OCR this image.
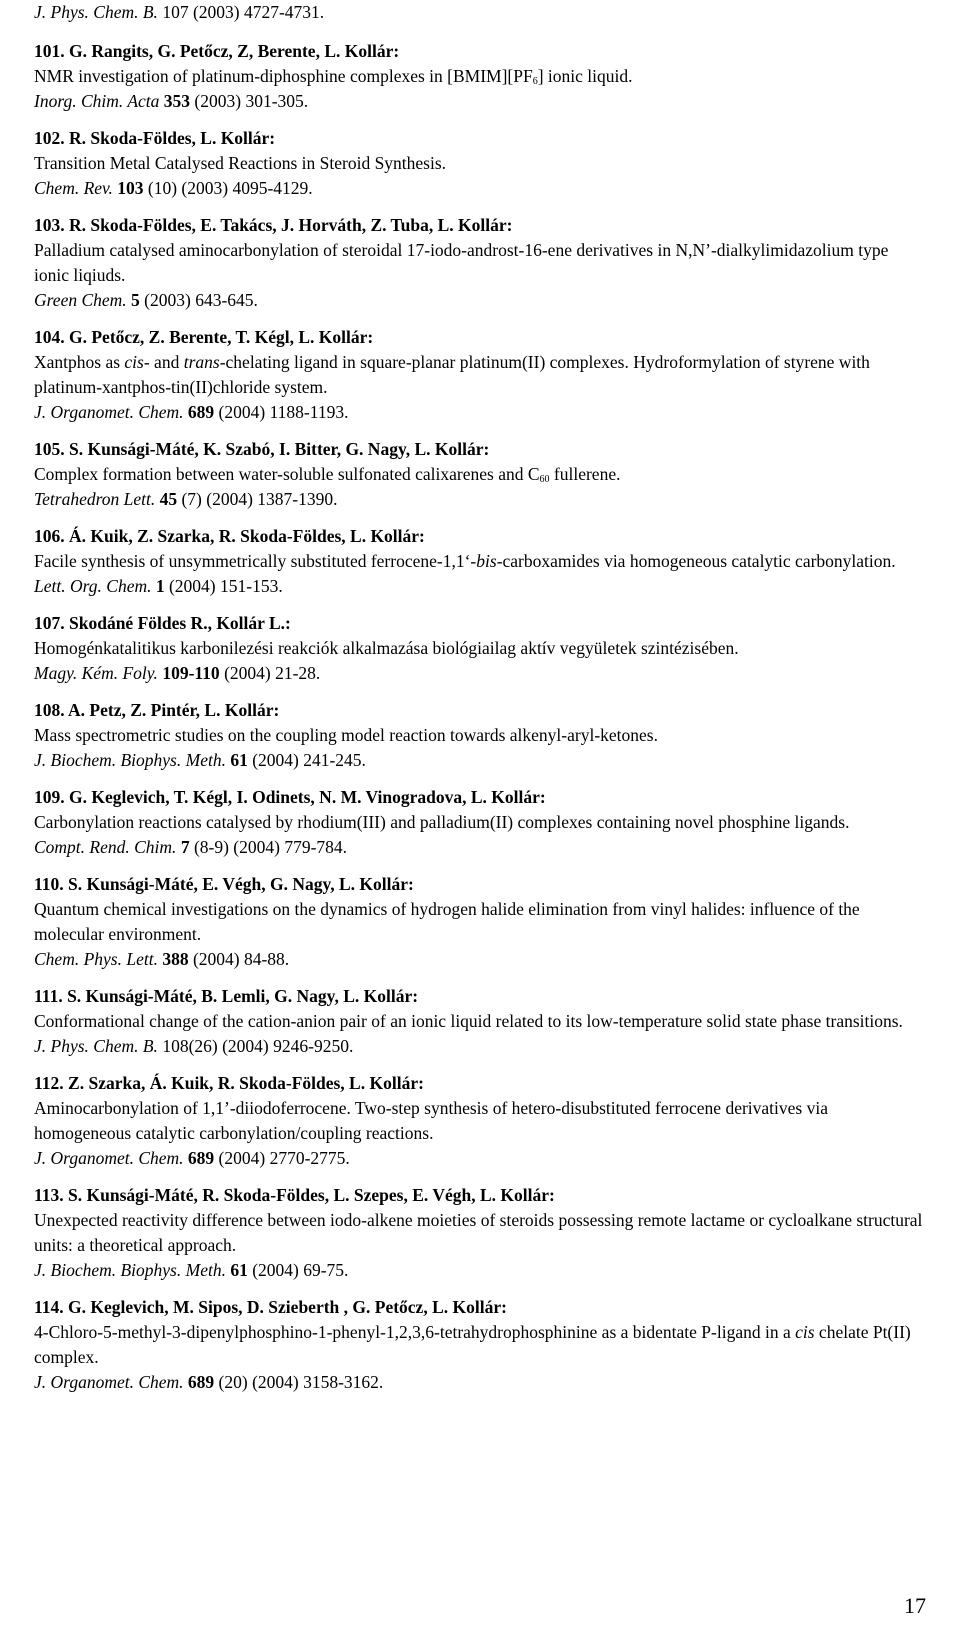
J. Phys. Chem. B. 107 (2003) 4727-4731.
101. G. Rangits, G. Petőcz, Z, Berente, L. Kollár:
NMR investigation of platinum-diphosphine complexes in $[BMIM][PF_6]$ ionic liquid.
Inorg. Chim. Acta 353 (2003) 301-305.
102. R. Skoda-Földes, L. Kollár:
Transition Metal Catalysed Reactions in Steroid Synthesis.
Chem. Rev. 103 (10) (2003) 4095-4129.
103. R. Skoda-Földes, E. Takács, J. Horváth, Z. Tuba, L. Kollár:
Palladium catalysed aminocarbonylation of steroidal 17-iodo-androst-16-ene derivatives in N,N’-dialkylimidazolium type ionic liqiuds.
Green Chem. 5 (2003) 643-645.
104. G. Petőcz, Z. Berente, T. Kégl, L. Kollár:
Xantphos as cis- and trans-chelating ligand in square-planar platinum(II) complexes. Hydroformylation of styrene with platinum-xantphos-tin(II)chloride system.
J. Organomet. Chem. 689 (2004) 1188-1193.
105. S. Kunsági-Máté, K. Szabó, I. Bitter, G. Nagy, L. Kollár:
Complex formation between water-soluble sulfonated calixarenes and $C_{60}$ fullerene.
Tetrahedron Lett. 45 (7) (2004) 1387-1390.
106. Á. Kuik, Z. Szarka, R. Skoda-Földes, L. Kollár:
Facile synthesis of unsymmetrically substituted ferrocene-1,1‘-bis-carboxamides via homogeneous catalytic carbonylation.
Lett. Org. Chem. 1 (2004) 151-153.
107. Skodáné Földes R., Kollár L.:
Homogénkatalitikus karbonilezési reakciók alkalmazása biológiailag aktív vegyületek szintézisében.
Magy. Kém. Foly. 109-110 (2004) 21-28.
108. A. Petz, Z. Pintér, L. Kollár:
Mass spectrometric studies on the coupling model reaction towards alkenyl-aryl-ketones.
J. Biochem. Biophys. Meth. 61 (2004) 241-245.
109. G. Keglevich, T. Kégl, I. Odinets, N. M. Vinogradova, L. Kollár:
Carbonylation reactions catalysed by rhodium(III) and palladium(II) complexes containing novel phosphine ligands.
Compt. Rend. Chim. 7 (8-9) (2004) 779-784.
110. S. Kunsági-Máté, E. Végh, G. Nagy, L. Kollár:
Quantum chemical investigations on the dynamics of hydrogen halide elimination from vinyl halides: influence of the molecular environment.
Chem. Phys. Lett. 388 (2004) 84-88.
111. S. Kunsági-Máté, B. Lemli, G. Nagy, L. Kollár:
Conformational change of the cation-anion pair of an ionic liquid related to its low-temperature solid state phase transitions.
J. Phys. Chem. B. 108(26) (2004) 9246-9250.
112. Z. Szarka, Á. Kuik, R. Skoda-Földes, L. Kollár:
Aminocarbonylation of 1,1’-diiodoferrocene. Two-step synthesis of hetero-disubstituted ferrocene derivatives via homogeneous catalytic carbonylation/coupling reactions.
J. Organomet. Chem. 689 (2004) 2770-2775.
113. S. Kunsági-Máté, R. Skoda-Földes, L. Szepes, E. Végh, L. Kollár:
Unexpected reactivity difference between iodo-alkene moieties of steroids possessing remote lactame or cycloalkane structural units: a theoretical approach.
J. Biochem. Biophys. Meth. 61 (2004) 69-75.
114. G. Keglevich, M. Sipos, D. Szieberth , G. Petőcz, L. Kollár:
4-Chloro-5-methyl-3-dipenylphosphino-1-phenyl-1,2,3,6-tetrahydrophosphinine as a bidentate P-ligand in a cis chelate Pt(II) complex.
J. Organomet. Chem. 689 (20) (2004) 3158-3162.
17
